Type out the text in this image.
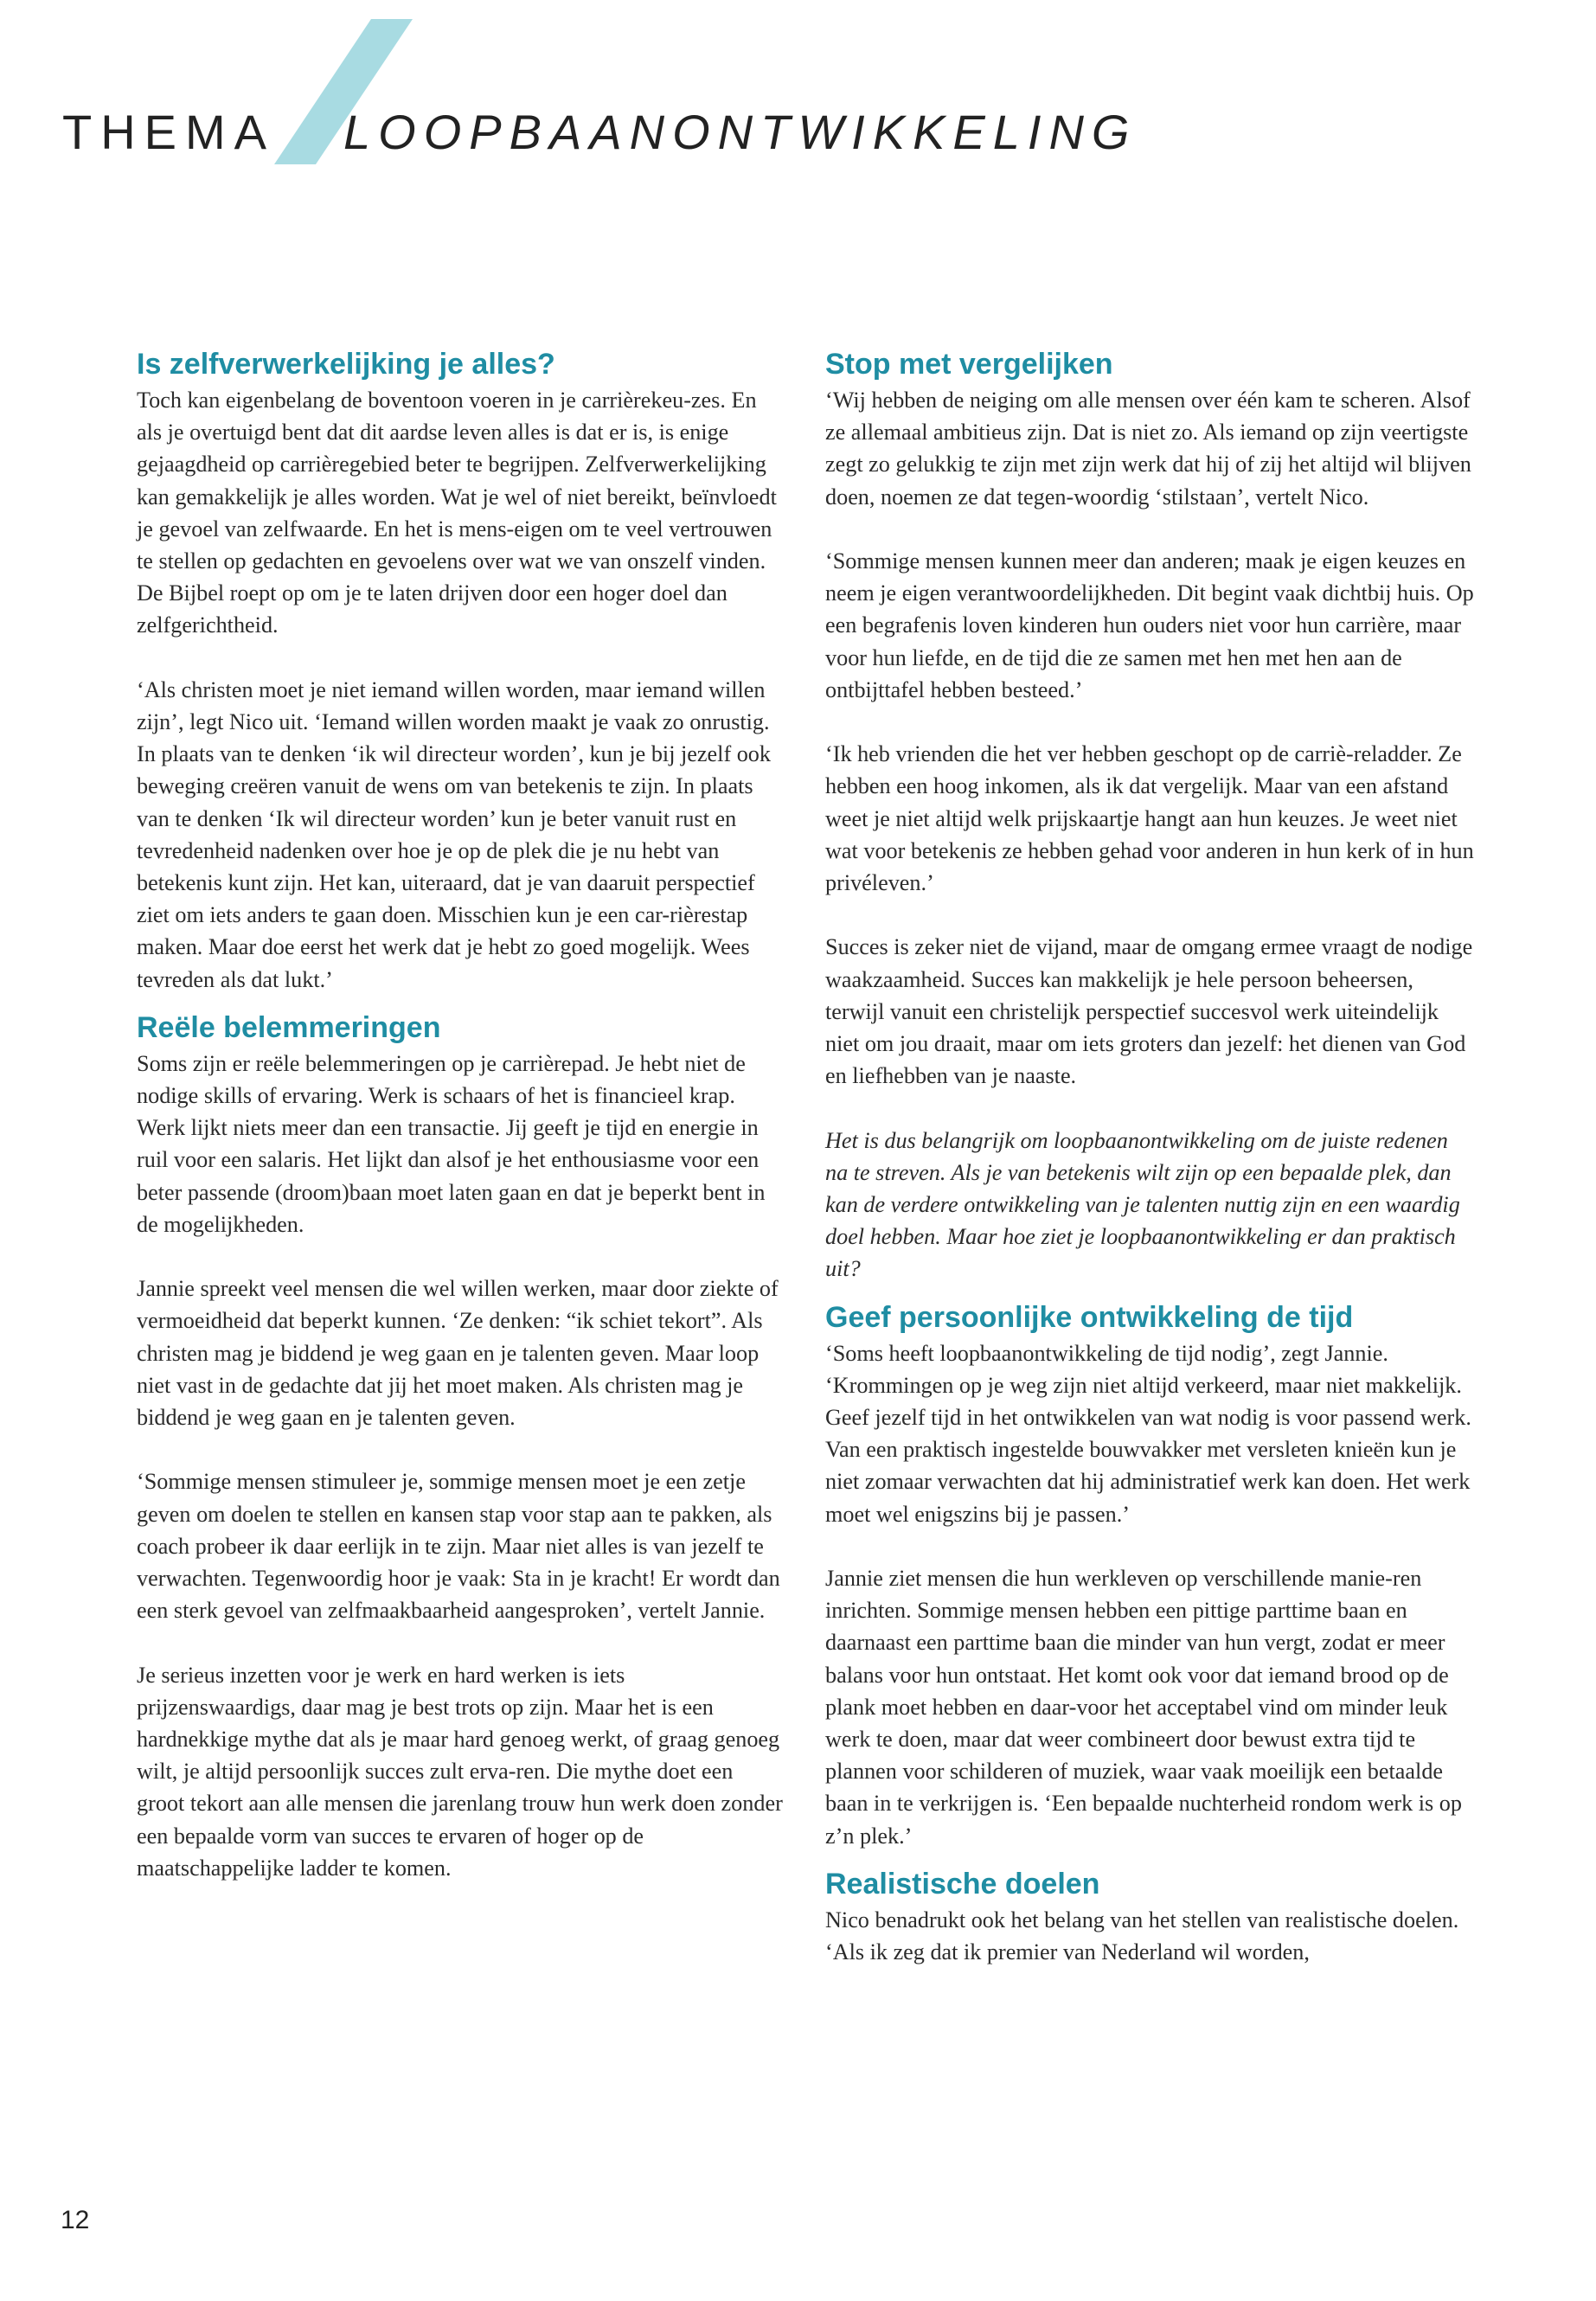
THEMA LOOPBAANONTWIKKELING
Is zelfverwerkelijking je alles?

Toch kan eigenbelang de boventoon voeren in je carrièrekeu-zes. En als je overtuigd bent dat dit aardse leven alles is dat er is, is enige gejaagdheid op carrièregebied beter te begrijpen. Zelfverwerkelijking kan gemakkelijk je alles worden. Wat je wel of niet bereikt, beïnvloedt je gevoel van zelfwaarde. En het is mens-eigen om te veel vertrouwen te stellen op gedachten en gevoelens over wat we van onszelf vinden. De Bijbel roept op om je te laten drijven door een hoger doel dan zelfgerichtheid.

‘Als christen moet je niet iemand willen worden, maar iemand willen zijn’, legt Nico uit. ‘Iemand willen worden maakt je vaak zo onrustig. In plaats van te denken ‘ik wil directeur worden’, kun je bij jezelf ook beweging creëren vanuit de wens om van betekenis te zijn. In plaats van te denken ‘Ik wil directeur worden’ kun je beter vanuit rust en tevredenheid nadenken over hoe je op de plek die je nu hebt van betekenis kunt zijn. Het kan, uiteraard, dat je van daaruit perspectief ziet om iets anders te gaan doen. Misschien kun je een car-rièrestap maken. Maar doe eerst het werk dat je hebt zo goed mogelijk. Wees tevreden als dat lukt.’

Reële belemmeringen

Soms zijn er reële belemmeringen op je carrièrepad. Je hebt niet de nodige skills of ervaring. Werk is schaars of het is financieel krap. Werk lijkt niets meer dan een transactie. Jij geeft je tijd en energie in ruil voor een salaris. Het lijkt dan alsof je het enthousiasme voor een beter passende (droom)baan moet laten gaan en dat je beperkt bent in de mogelijkheden.

Jannie spreekt veel mensen die wel willen werken, maar door ziekte of vermoeidheid dat beperkt kunnen. ‘Ze denken: “ik schiet tekort”. Als christen mag je biddend je weg gaan en je talenten geven. Maar loop niet vast in de gedachte dat jij het moet maken. Als christen mag je biddend je weg gaan en je talenten geven.

‘Sommige mensen stimuleer je, sommige mensen moet je een zetje geven om doelen te stellen en kansen stap voor stap aan te pakken, als coach probeer ik daar eerlijk in te zijn. Maar niet alles is van jezelf te verwachten. Tegenwoordig hoor je vaak: Sta in je kracht! Er wordt dan een sterk gevoel van zelfmaakbaarheid aangesproken’, vertelt Jannie.

Je serieus inzetten voor je werk en hard werken is iets prijzenswaardigs, daar mag je best trots op zijn. Maar het is een hardnekkige mythe dat als je maar hard genoeg werkt, of graag genoeg wilt, je altijd persoonlijk succes zult erva-ren. Die mythe doet een groot tekort aan alle mensen die jarenlang trouw hun werk doen zonder een bepaalde vorm van succes te ervaren of hoger op de maatschappelijke ladder te komen.

Stop met vergelijken

‘Wij hebben de neiging om alle mensen over één kam te scheren. Alsof ze allemaal ambitieus zijn. Dat is niet zo. Als iemand op zijn veertigste zegt zo gelukkig te zijn met zijn werk dat hij of zij het altijd wil blijven doen, noemen ze dat tegen-woordig ‘stilstaan’, vertelt Nico.

‘Sommige mensen kunnen meer dan anderen; maak je eigen keuzes en neem je eigen verantwoordelijkheden. Dit begint vaak dichtbij huis. Op een begrafenis loven kinderen hun ouders niet voor hun carrière, maar voor hun liefde, en de tijd die ze samen met hen met hen aan de ontbijttafel hebben besteed.’

‘Ik heb vrienden die het ver hebben geschopt op de carriè-reladder. Ze hebben een hoog inkomen, als ik dat vergelijk. Maar van een afstand weet je niet altijd welk prijskaartje hangt aan hun keuzes. Je weet niet wat voor betekenis ze hebben gehad voor anderen in hun kerk of in hun privéleven.’

Succes is zeker niet de vijand, maar de omgang ermee vraagt de nodige waakzaamheid. Succes kan makkelijk je hele persoon beheersen, terwijl vanuit een christelijk perspectief succesvol werk uiteindelijk niet om jou draait, maar om iets groters dan jezelf: het dienen van God en liefhebben van je naaste.

Het is dus belangrijk om loopbaanontwikkeling om de juiste redenen na te streven. Als je van betekenis wilt zijn op een bepaalde plek, dan kan de verdere ontwikkeling van je talenten nuttig zijn en een waardig doel hebben. Maar hoe ziet je loopbaanontwikkeling er dan praktisch uit?

Geef persoonlijke ontwikkeling de tijd

‘Soms heeft loopbaanontwikkeling de tijd nodig’, zegt Jannie. ‘Krommingen op je weg zijn niet altijd verkeerd, maar niet makkelijk. Geef jezelf tijd in het ontwikkelen van wat nodig is voor passend werk. Van een praktisch ingestelde bouwvakker met versleten knieën kun je niet zomaar verwachten dat hij administratief werk kan doen. Het werk moet wel enigszins bij je passen.’

Jannie ziet mensen die hun werkleven op verschillende manie-ren inrichten. Sommige mensen hebben een pittige parttime baan en daarnaast een parttime baan die minder van hun vergt, zodat er meer balans voor hun ontstaat. Het komt ook voor dat iemand brood op de plank moet hebben en daar-voor het acceptabel vind om minder leuk werk te doen, maar dat weer combineert door bewust extra tijd te plannen voor schilderen of muziek, waar vaak moeilijk een betaalde baan in te verkrijgen is. ‘Een bepaalde nuchterheid rondom werk is op z’n plek.’

Realistische doelen

Nico benadrukt ook het belang van het stellen van realistische doelen. ‘Als ik zeg dat ik premier van Nederland wil worden,

12
